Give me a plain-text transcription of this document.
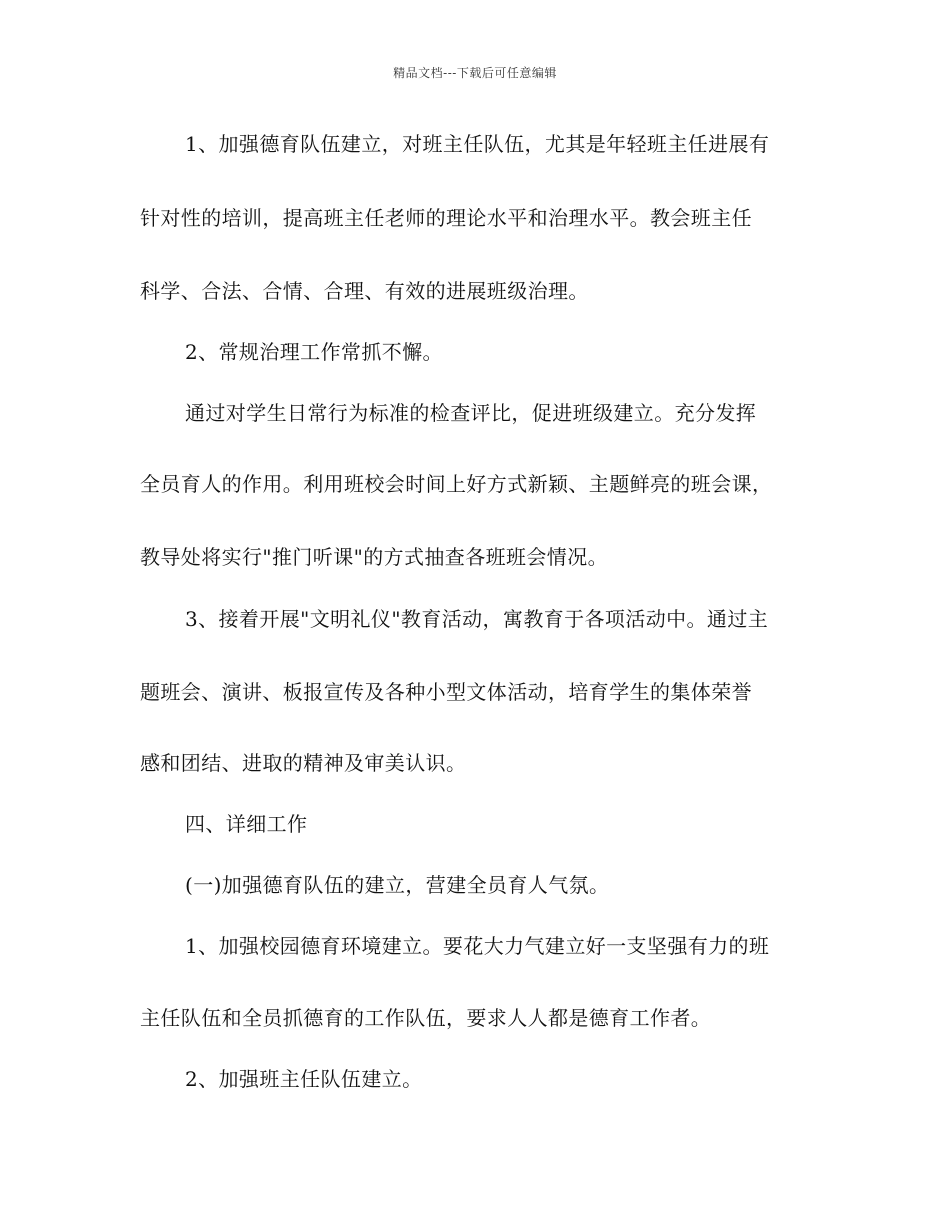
精品文档---下载后可任意编辑
1、加强德育队伍建立，对班主任队伍，尤其是年轻班主任进展有
针对性的培训，提高班主任老师的理论水平和治理水平。教会班主任
科学、合法、合情、合理、有效的进展班级治理。
2、常规治理工作常抓不懈。
通过对学生日常行为标准的检查评比，促进班级建立。充分发挥
全员育人的作用。利用班校会时间上好方式新颖、主题鲜亮的班会课，
教导处将实行"推门听课"的方式抽查各班班会情况。
3、接着开展"文明礼仪"教育活动，寓教育于各项活动中。通过主
题班会、演讲、板报宣传及各种小型文体活动，培育学生的集体荣誉
感和团结、进取的精神及审美认识。
四、详细工作
(一)加强德育队伍的建立，营建全员育人气氛。
1、加强校园德育环境建立。要花大力气建立好一支坚强有力的班
主任队伍和全员抓德育的工作队伍，要求人人都是德育工作者。
2、加强班主任队伍建立。
